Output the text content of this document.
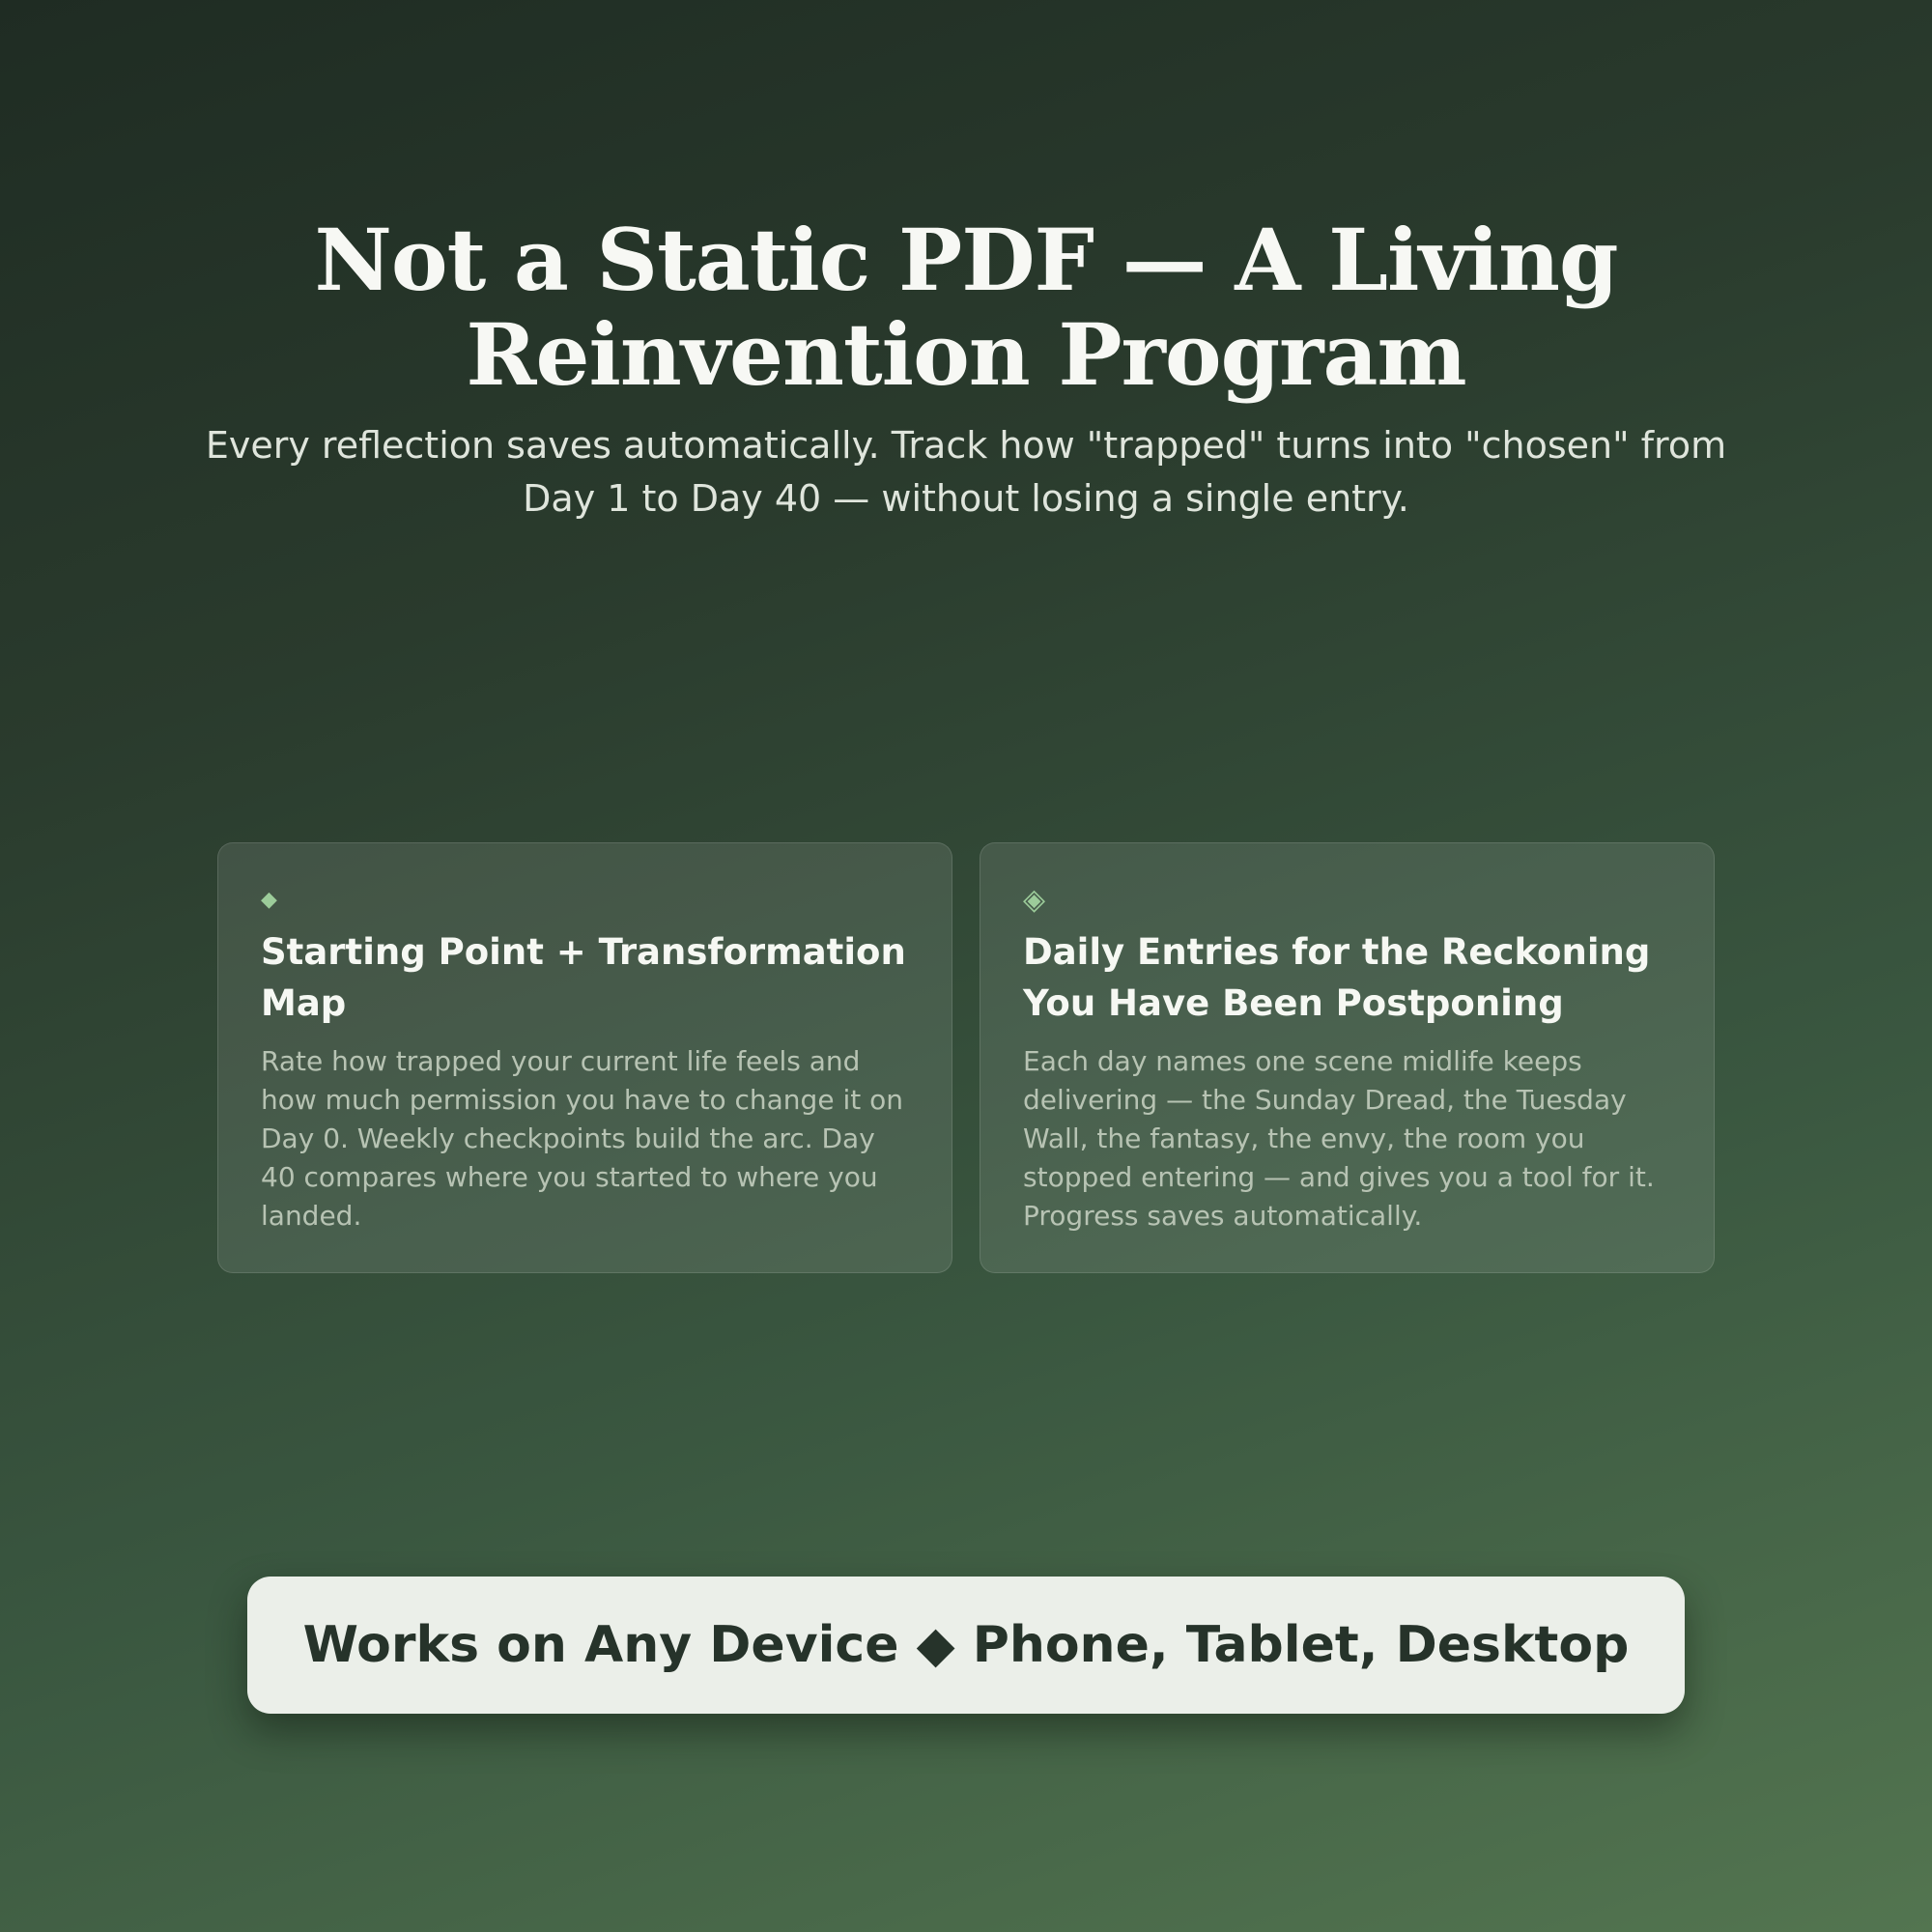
Not a Static PDF — A Living
Reinvention Program

Every reflection saves automatically. Track how "trapped" turns into "chosen" from
Day 1 to Day 40 — without losing a single entry.

◆
Starting Point + Transformation Map

Rate how trapped your current life feels and how much permission you have to change it on Day 0. Weekly checkpoints build the arc. Day 40 compares where you started to where you landed.

◈
Daily Entries for the Reckoning You Have Been Postponing

Each day names one scene midlife keeps delivering — the Sunday Dread, the Tuesday Wall, the fantasy, the envy, the room you stopped entering — and gives you a tool for it. Progress saves automatically.

Works on Any Device ◆ Phone, Tablet, Desktop
